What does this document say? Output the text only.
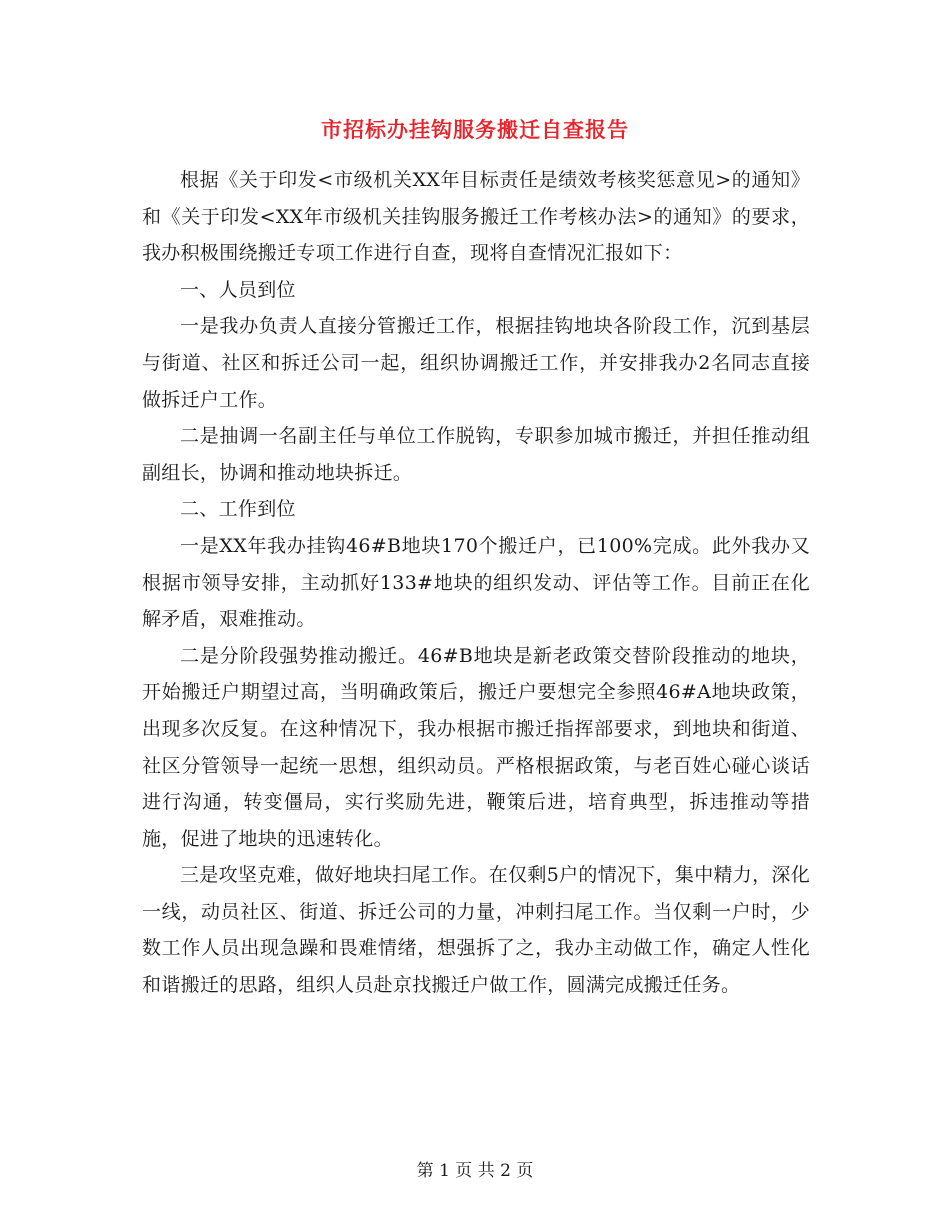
市招标办挂钩服务搬迁自查报告

根据《关于印发<市级机关XX年目标责任是绩效考核奖惩意见>的通知》和《关于印发<XX年市级机关挂钩服务搬迁工作考核办法>的通知》的要求，我办积极围绕搬迁专项工作进行自查，现将自查情况汇报如下：

一、人员到位

一是我办负责人直接分管搬迁工作，根据挂钩地块各阶段工作，沉到基层与街道、社区和拆迁公司一起，组织协调搬迁工作，并安排我办2名同志直接做拆迁户工作。

二是抽调一名副主任与单位工作脱钩，专职参加城市搬迁，并担任推动组副组长，协调和推动地块拆迁。

二、工作到位

一是XX年我办挂钩46#B地块170个搬迁户，已100%完成。此外我办又根据市领导安排，主动抓好133#地块的组织发动、评估等工作。目前正在化解矛盾，艰难推动。

二是分阶段强势推动搬迁。46#B地块是新老政策交替阶段推动的地块，开始搬迁户期望过高，当明确政策后，搬迁户要想完全参照46#A地块政策，出现多次反复。在这种情况下，我办根据市搬迁指挥部要求，到地块和街道、社区分管领导一起统一思想，组织动员。严格根据政策，与老百姓心碰心谈话进行沟通，转变僵局，实行奖励先进，鞭策后进，培育典型，拆违推动等措施，促进了地块的迅速转化。

三是攻坚克难，做好地块扫尾工作。在仅剩5户的情况下，集中精力，深化一线，动员社区、街道、拆迁公司的力量，冲刺扫尾工作。当仅剩一户时，少数工作人员出现急躁和畏难情绪，想强拆了之，我办主动做工作，确定人性化和谐搬迁的思路，组织人员赴京找搬迁户做工作，圆满完成搬迁任务。

第 1 页 共 2 页
